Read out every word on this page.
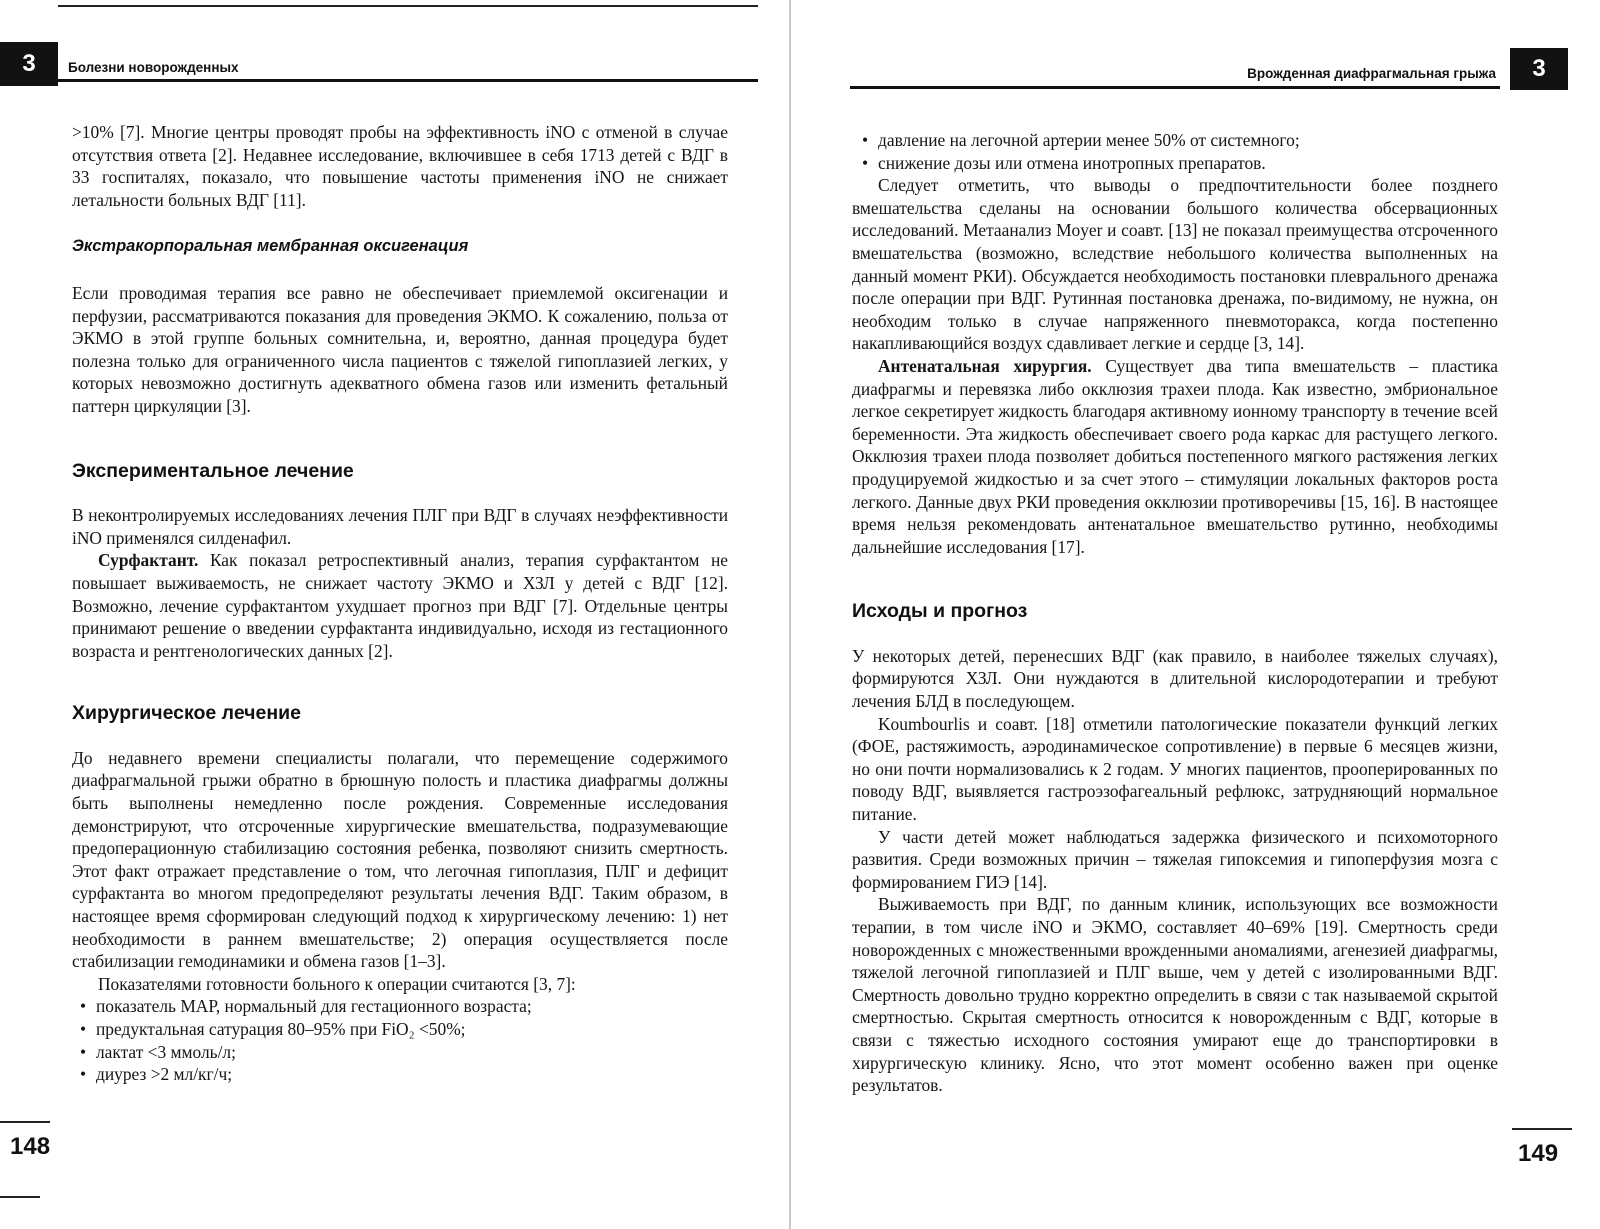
3	Болезни новорожденных

>10% [7]. Многие центры проводят пробы на эффективность iNO с отменой в случае отсутствия ответа [2]. Недавнее исследование, включившее в себя 1713 детей с ВДГ в 33 госпиталях, показало, что повышение частоты применения iNO не снижает летальности больных ВДГ [11].

Экстракорпоральная мембранная оксигенация

Если проводимая терапия все равно не обеспечивает приемлемой оксигенации и перфузии, рассматриваются показания для проведения ЭКМО. К сожалению, польза от ЭКМО в этой группе больных сомнительна, и, вероятно, данная процедура будет полезна только для ограниченного числа пациентов с тяжелой гипоплазией легких, у которых невозможно достигнуть адекватного обмена газов или изменить фетальный паттерн циркуляции [3].

Экспериментальное лечение

В неконтролируемых исследованиях лечения ПЛГ при ВДГ в случаях неэффективности iNO применялся силденафил.

Сурфактант. Как показал ретроспективный анализ, терапия сурфактантом не повышает выживаемость, не снижает частоту ЭКМО и ХЗЛ у детей с ВДГ [12]. Возможно, лечение сурфактантом ухудшает прогноз при ВДГ [7]. Отдельные центры принимают решение о введении сурфактанта индивидуально, исходя из гестационного возраста и рентгенологических данных [2].

Хирургическое лечение

До недавнего времени специалисты полагали, что перемещение содержимого диафрагмальной грыжи обратно в брюшную полость и пластика диафрагмы должны быть выполнены немедленно после рождения. Современные исследования демонстрируют, что отсроченные хирургические вмешательства, подразумевающие предоперационную стабилизацию состояния ребенка, позволяют снизить смертность. Этот факт отражает представление о том, что легочная гипоплазия, ПЛГ и дефицит сурфактанта во многом предопределяют результаты лечения ВДГ. Таким образом, в настоящее время сформирован следующий подход к хирургическому лечению: 1) нет необходимости в раннем вмешательстве; 2) операция осуществляется после стабилизации гемодинамики и обмена газов [1–3].

Показателями готовности больного к операции считаются [3, 7]:

• показатель МАР, нормальный для гестационного возраста;
• предуктальная сатурация 80–95% при FiO₂ <50%;
• лактат <3 ммоль/л;
• диурез >2 мл/кг/ч;
148
3
Врожденная диафрагмальная грыжа
• давление на легочной артерии менее 50% от системного;
• снижение дозы или отмена инотропных препаратов.

Следует отметить, что выводы о предпочтительности более позднего вмешательства сделаны на основании большого количества обсервационных исследований. Метаанализ Moyer и соавт. [13] не показал преимущества отсроченного вмешательства (возможно, вследствие небольшого количества выполненных на данный момент РКИ). Обсуждается необходимость постановки плеврального дренажа после операции при ВДГ. Рутинная постановка дренажа, по-видимому, не нужна, он необходим только в случае напряженного пневмоторакса, когда постепенно накапливающийся воздух сдавливает легкие и сердце [3, 14].

Антенатальная хирургия. Существует два типа вмешательств – пластика диафрагмы и перевязка либо окклюзия трахеи плода. Как известно, эмбриональное легкое секретирует жидкость благодаря активному ионному транспорту в течение всей беременности. Эта жидкость обеспечивает своего рода каркас для растущего легкого. Окклюзия трахеи плода позволяет добиться постепенного мягкого растяжения легких продуцируемой жидкостью и за счет этого – стимуляции локальных факторов роста легкого. Данные двух РКИ проведения окклюзии противоречивы [15, 16]. В настоящее время нельзя рекомендовать антенатальное вмешательство рутинно, необходимы дальнейшие исследования [17].

Исходы и прогноз

У некоторых детей, перенесших ВДГ (как правило, в наиболее тяжелых случаях), формируются ХЗЛ. Они нуждаются в длительной кислородотерапии и требуют лечения БЛД в последующем.

Koumbourlis и соавт. [18] отметили патологические показатели функций легких (ФОЕ, растяжимость, аэродинамическое сопротивление) в первые 6 месяцев жизни, но они почти нормализовались к 2 годам. У многих пациентов, прооперированных по поводу ВДГ, выявляется гастроэзофагеальный рефлюкс, затрудняющий нормальное питание.

У части детей может наблюдаться задержка физического и психомоторного развития. Среди возможных причин – тяжелая гипоксемия и гипоперфузия мозга с формированием ГИЭ [14].

Выживаемость при ВДГ, по данным клиник, использующих все возможности терапии, в том числе iNO и ЭКМО, составляет 40–69% [19]. Смертность среди новорожденных с множественными врожденными аномалиями, агенезией диафрагмы, тяжелой легочной гипоплазией и ПЛГ выше, чем у детей с изолированными ВДГ. Смертность довольно трудно корректно определить в связи с так называемой скрытой смертностью. Скрытая смертность относится к новорожденным с ВДГ, которые в связи с тяжестью исходного состояния умирают еще до транспортировки в хирургическую клинику. Ясно, что этот момент особенно важен при оценке результатов.

149
